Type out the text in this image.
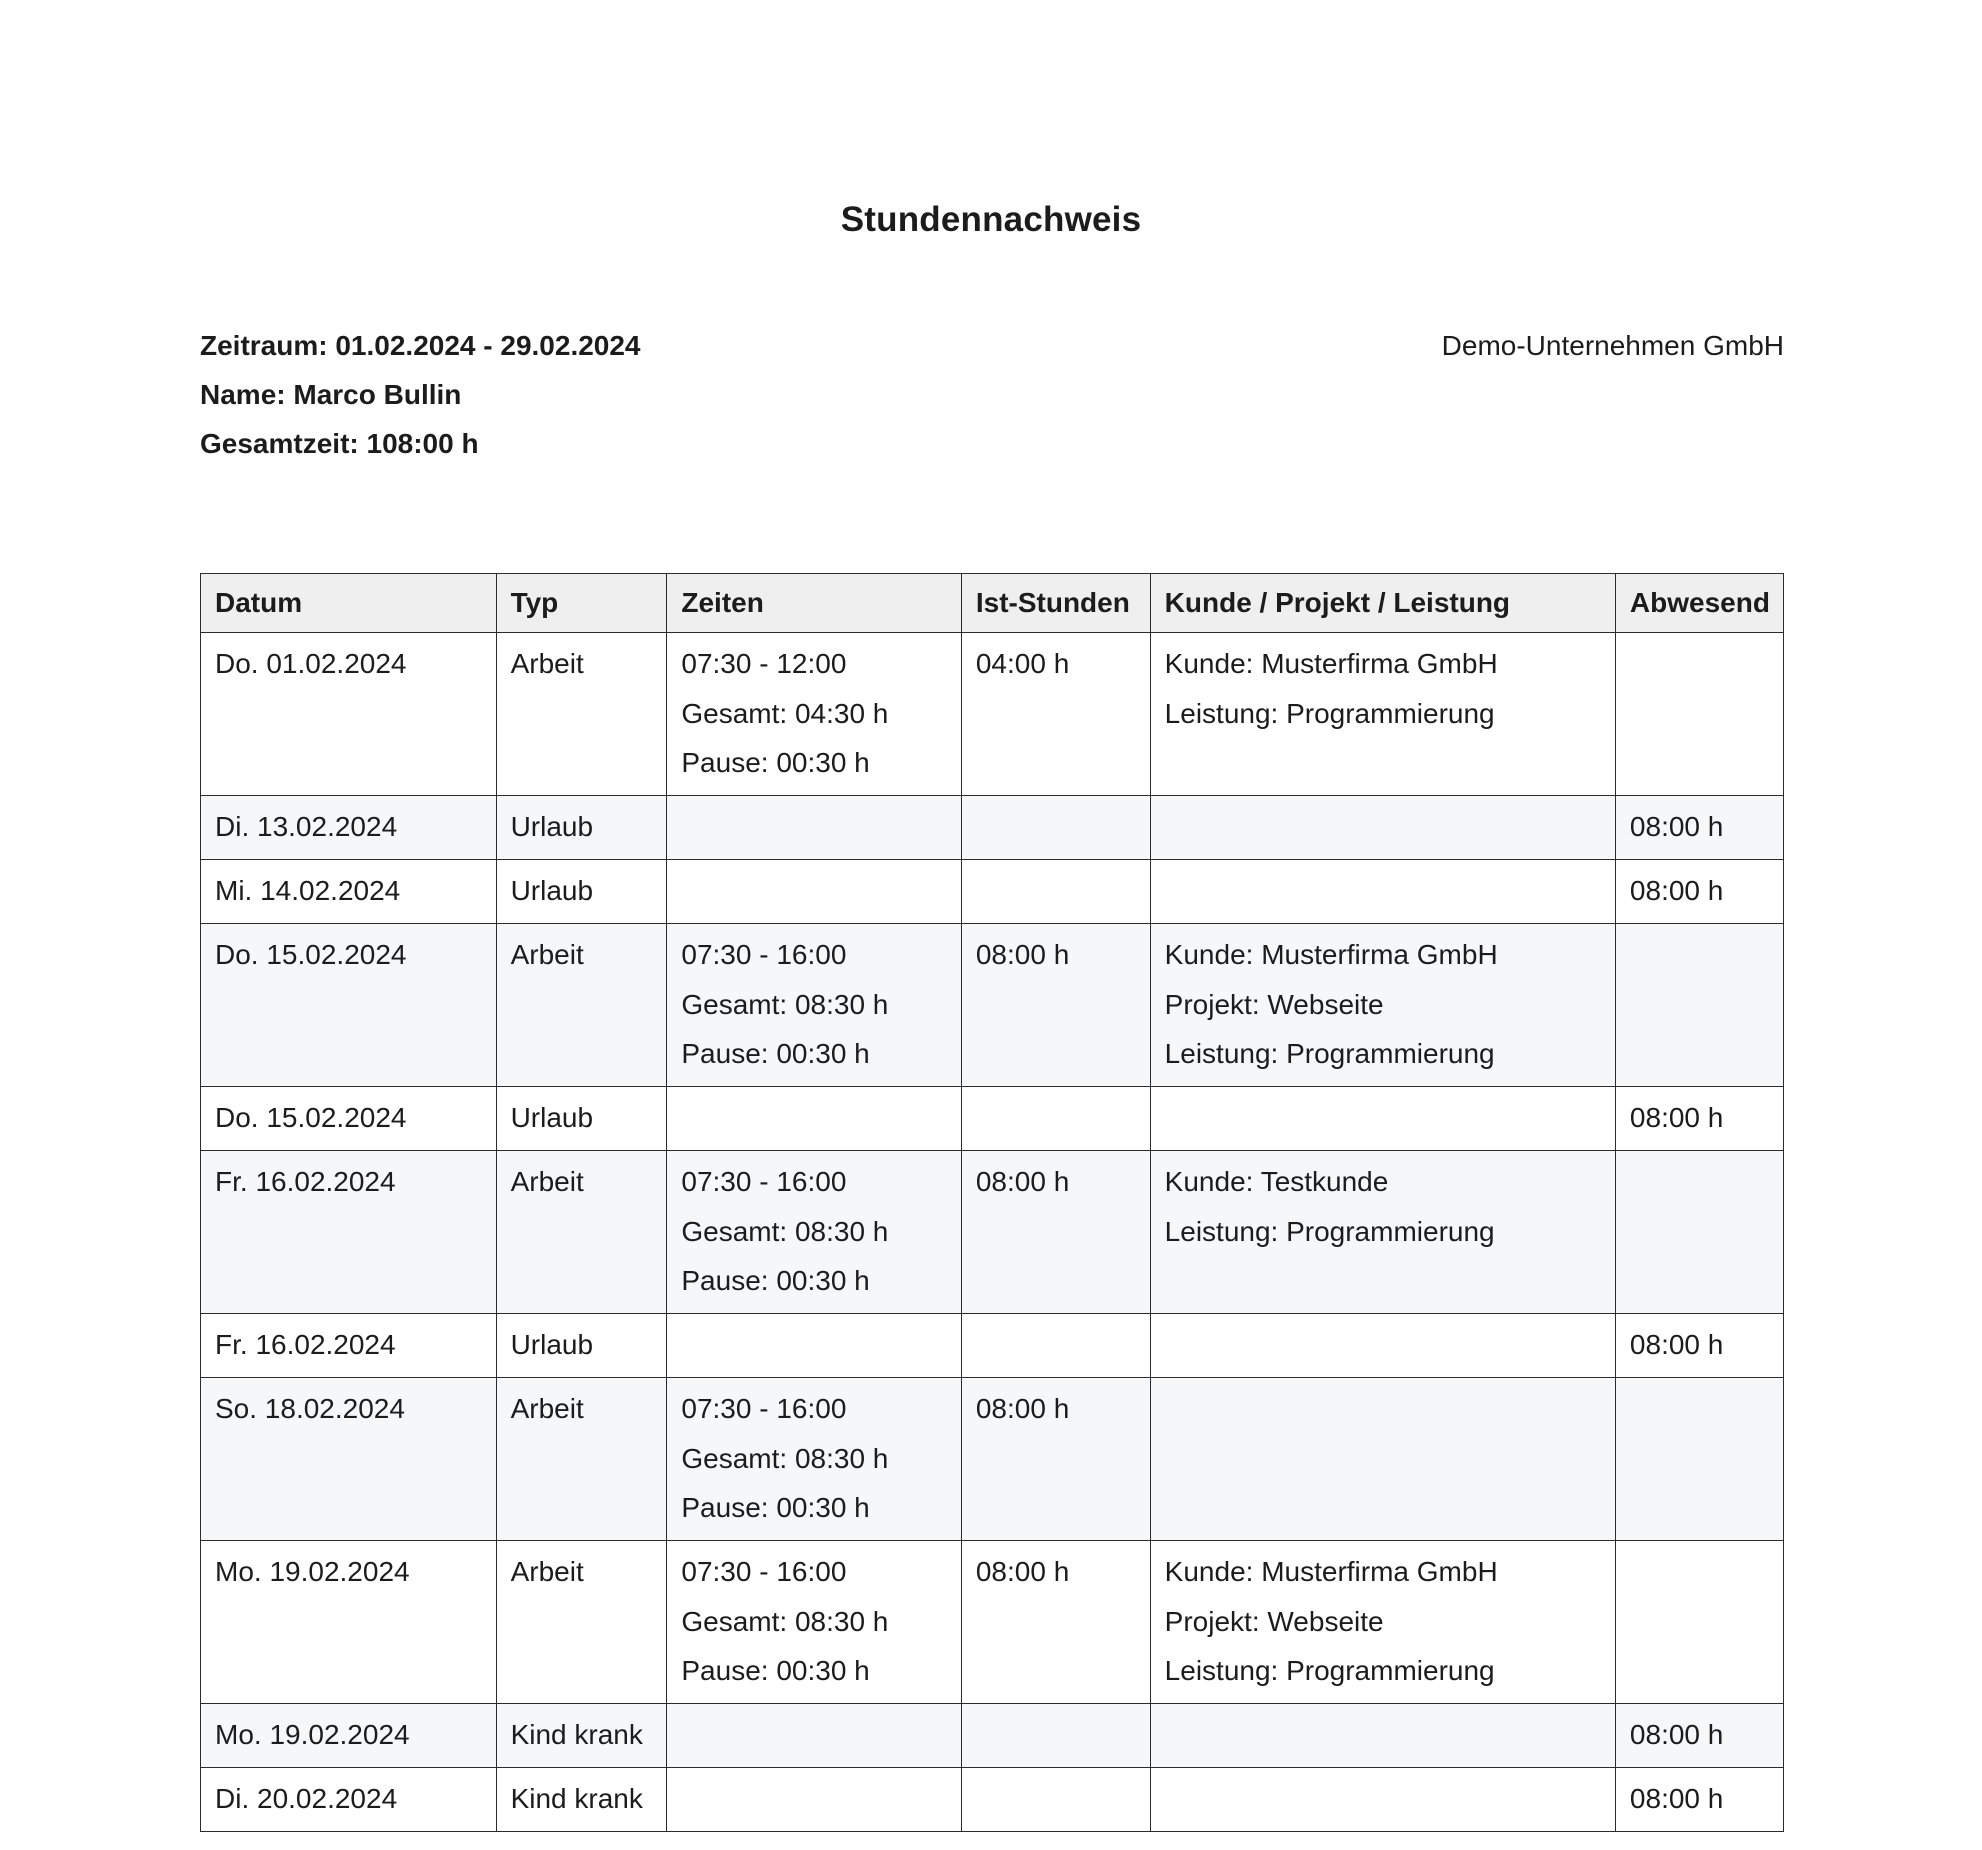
Stundennachweis
Zeitraum: 01.02.2024 - 29.02.2024
Name: Marco Bullin
Gesamtzeit: 108:00 h
Demo-Unternehmen GmbH
Datum	Typ	Zeiten	Ist-Stunden	Kunde / Projekt / Leistung	Abwesend
Do. 01.02.2024	Arbeit	07:30 - 12:00
Gesamt: 04:30 h
Pause: 00:30 h	04:00 h	Kunde: Musterfirma GmbH
Leistung: Programmierung	

Di. 13.02.2024	Urlaub				08:00 h
Mi. 14.02.2024	Urlaub				08:00 h
Do. 15.02.2024	Arbeit	07:30 - 16:00
Gesamt: 08:30 h
Pause: 00:30 h	08:00 h	Kunde: Musterfirma GmbH
Projekt: Webseite
Leistung: Programmierung	

Do. 15.02.2024	Urlaub				08:00 h
Fr. 16.02.2024	Arbeit	07:30 - 16:00
Gesamt: 08:30 h
Pause: 00:30 h	08:00 h	Kunde: Testkunde
Leistung: Programmierung	

Fr. 16.02.2024	Urlaub				08:00 h
So. 18.02.2024	Arbeit	07:30 - 16:00
Gesamt: 08:30 h
Pause: 00:30 h	08:00 h		
Mo. 19.02.2024	Arbeit	07:30 - 16:00
Gesamt: 08:30 h
Pause: 00:30 h	08:00 h	Kunde: Musterfirma GmbH
Projekt: Webseite
Leistung: Programmierung	

Mo. 19.02.2024	Kind krank				08:00 h
Di. 20.02.2024	Kind krank				08:00 h
